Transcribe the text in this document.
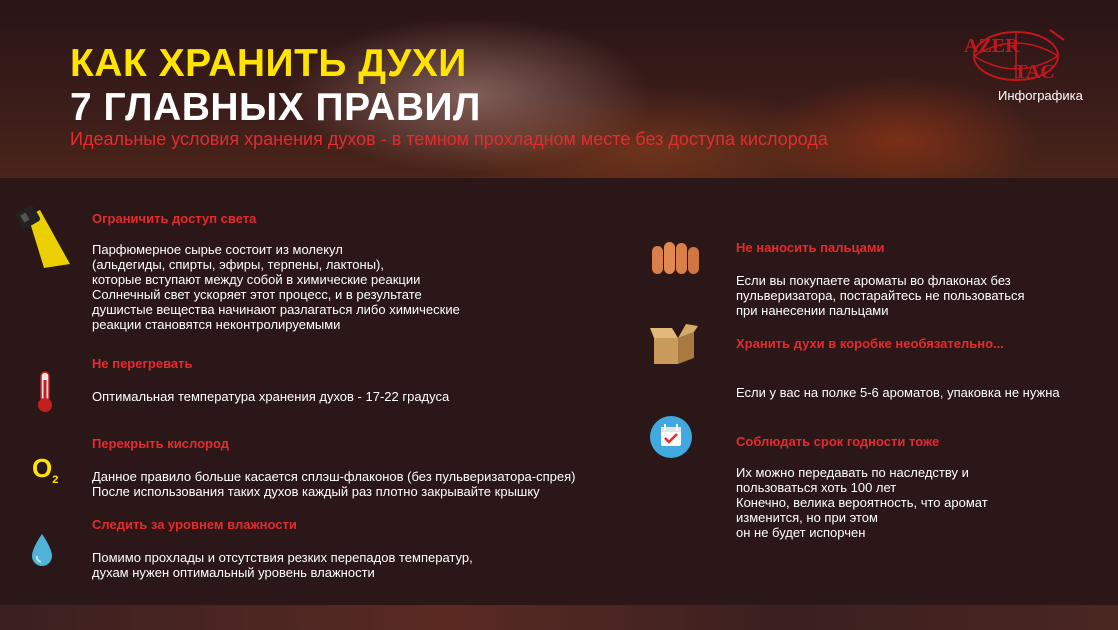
КАК ХРАНИТЬ ДУХИ
7 ГЛАВНЫХ ПРАВИЛ
Идеальные условия хранения духов - в темном прохладном месте без доступа кислорода
AZER
TAC
Инфографика
Ограничить доступ света
Парфюмерное сырье состоит из молекул
(альдегиды, спирты, эфиры, терпены, лактоны),
которые вступают между собой в химические реакции
Солнечный свет ускоряет этот процесс, и в результате
душистые вещества начинают разлагаться либо химические
реакции становятся неконтролируемыми
Не перегревать
Оптимальная температура хранения духов - 17-22 градуса
$O_2$
Перекрыть кислород
Данное правило больше касается сплэш-флаконов (без пульверизатора-спрея)
После использования таких духов каждый раз плотно закрывайте крышку
Следить за уровнем влажности
Помимо прохлады и отсутствия резких перепадов температур,
духам нужен оптимальный уровень влажности
Не наносить пальцами
Если вы покупаете ароматы во флаконах без
пульверизатора, постарайтесь не пользоваться
при нанесении пальцами
Хранить духи в коробке необязательно...
Если у вас на полке 5-6 ароматов, упаковка не нужна
Соблюдать срок годности тоже
Их можно передавать по наследству и
пользоваться хоть 100 лет
Конечно, велика вероятность, что аромат
изменится, но при этом
он не будет испорчен
